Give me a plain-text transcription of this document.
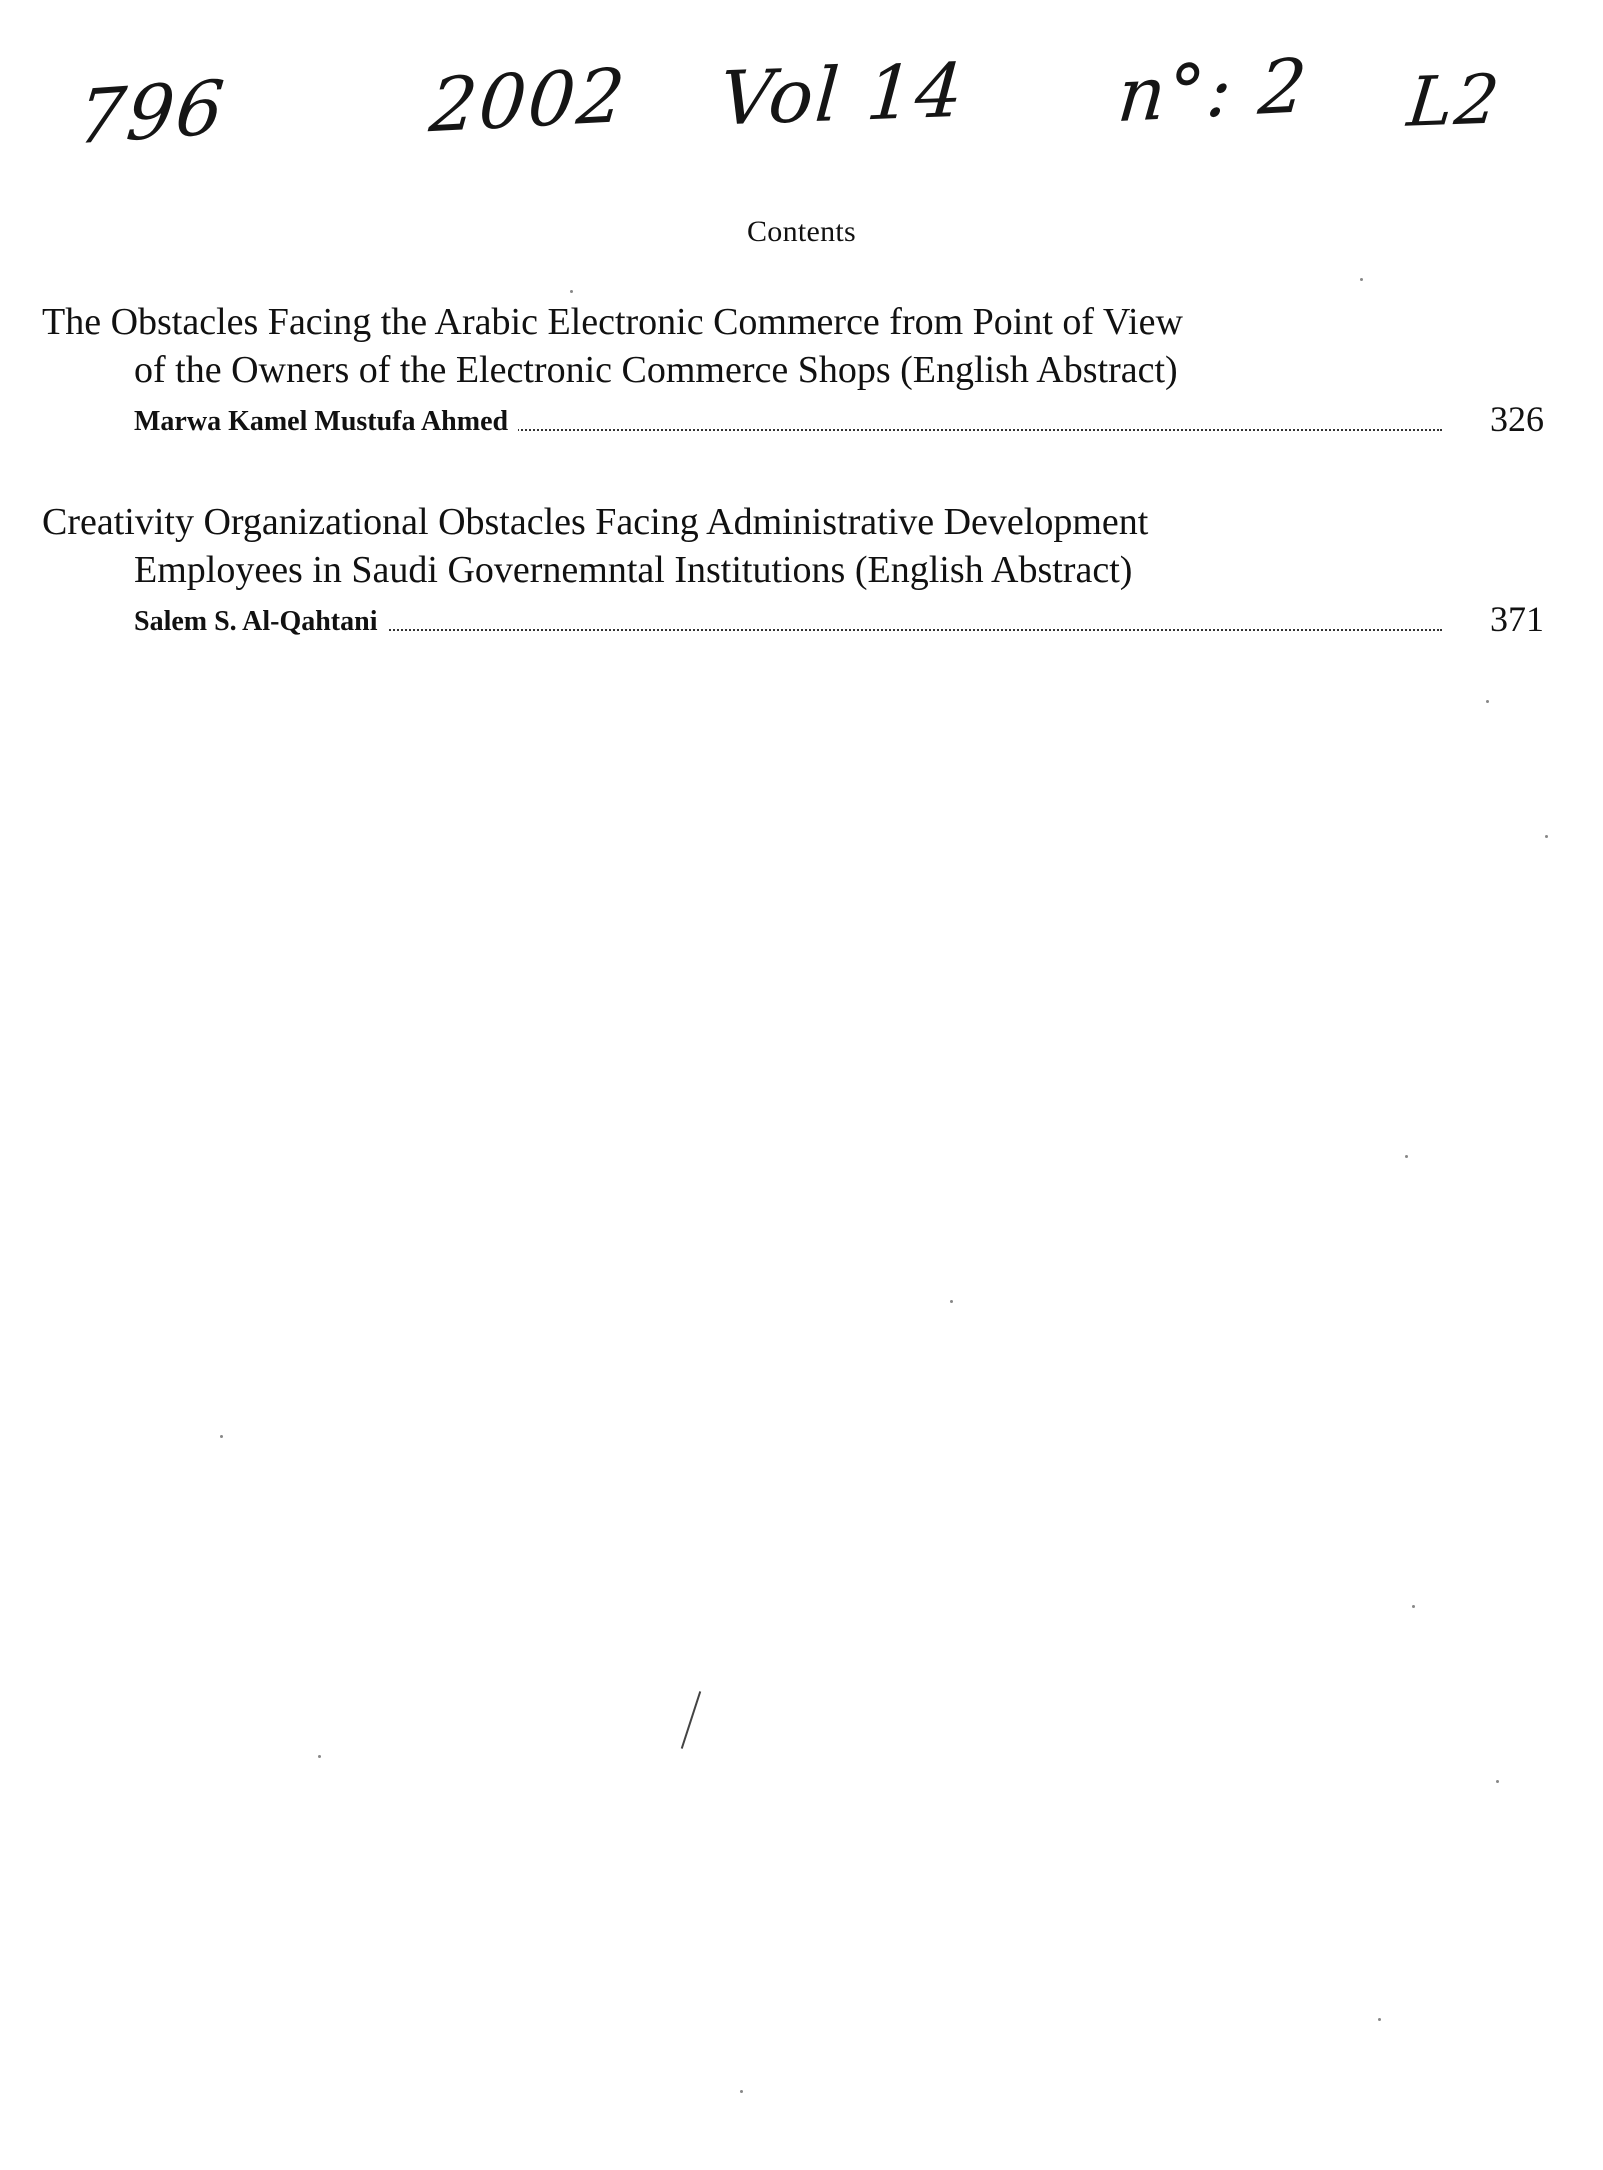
796	2002 Vol 14 n°: 2 L2
Contents
The Obstacles Facing the Arabic Electronic Commerce from Point of View
of the Owners of the Electronic Commerce Shops (English Abstract)
Marwa Kamel Mustufa Ahmed	326
Creativity Organizational Obstacles Facing Administrative Development
Employees in Saudi Governemntal Institutions (English Abstract)
Salem S. Al-Qahtani	371
